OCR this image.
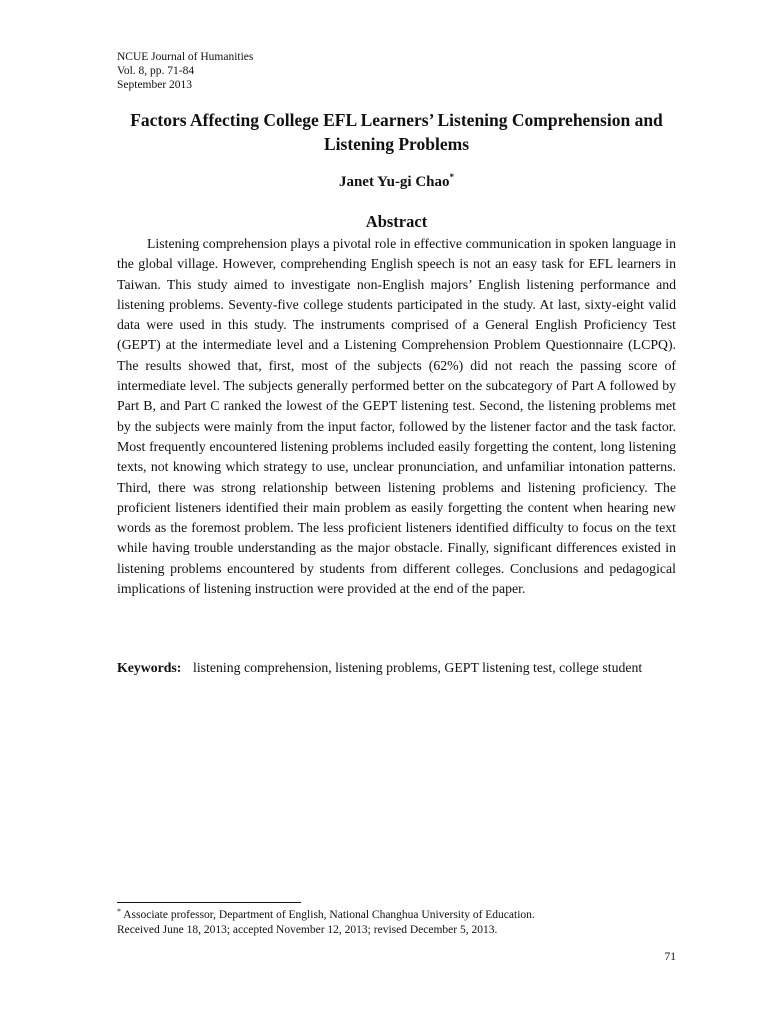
NCUE Journal of Humanities
Vol. 8, pp. 71-84
September 2013
Factors Affecting College EFL Learners’ Listening Comprehension and Listening Problems
Janet Yu-gi Chao*
Abstract

Listening comprehension plays a pivotal role in effective communication in spoken language in the global village. However, comprehending English speech is not an easy task for EFL learners in Taiwan. This study aimed to investigate non-English majors’ English listening performance and listening problems. Seventy-five college students participated in the study. At last, sixty-eight valid data were used in this study. The instruments comprised of a General English Proficiency Test (GEPT) at the intermediate level and a Listening Comprehension Problem Questionnaire (LCPQ). The results showed that, first, most of the subjects (62%) did not reach the passing score of intermediate level. The subjects generally performed better on the subcategory of Part A followed by Part B, and Part C ranked the lowest of the GEPT listening test. Second, the listening problems met by the subjects were mainly from the input factor, followed by the listener factor and the task factor. Most frequently encountered listening problems included easily forgetting the content, long listening texts, not knowing which strategy to use, unclear pronunciation, and unfamiliar intonation patterns. Third, there was strong relationship between listening problems and listening proficiency. The proficient listeners identified their main problem as easily forgetting the content when hearing new words as the foremost problem. The less proficient listeners identified difficulty to focus on the text while having trouble understanding as the major obstacle. Finally, significant differences existed in listening problems encountered by students from different colleges. Conclusions and pedagogical implications of listening instruction were provided at the end of the paper.

Keywords: listening comprehension, listening problems, GEPT listening test, college student
* Associate professor, Department of English, National Changhua University of Education.
Received June 18, 2013; accepted November 12, 2013; revised December 5, 2013.
71
